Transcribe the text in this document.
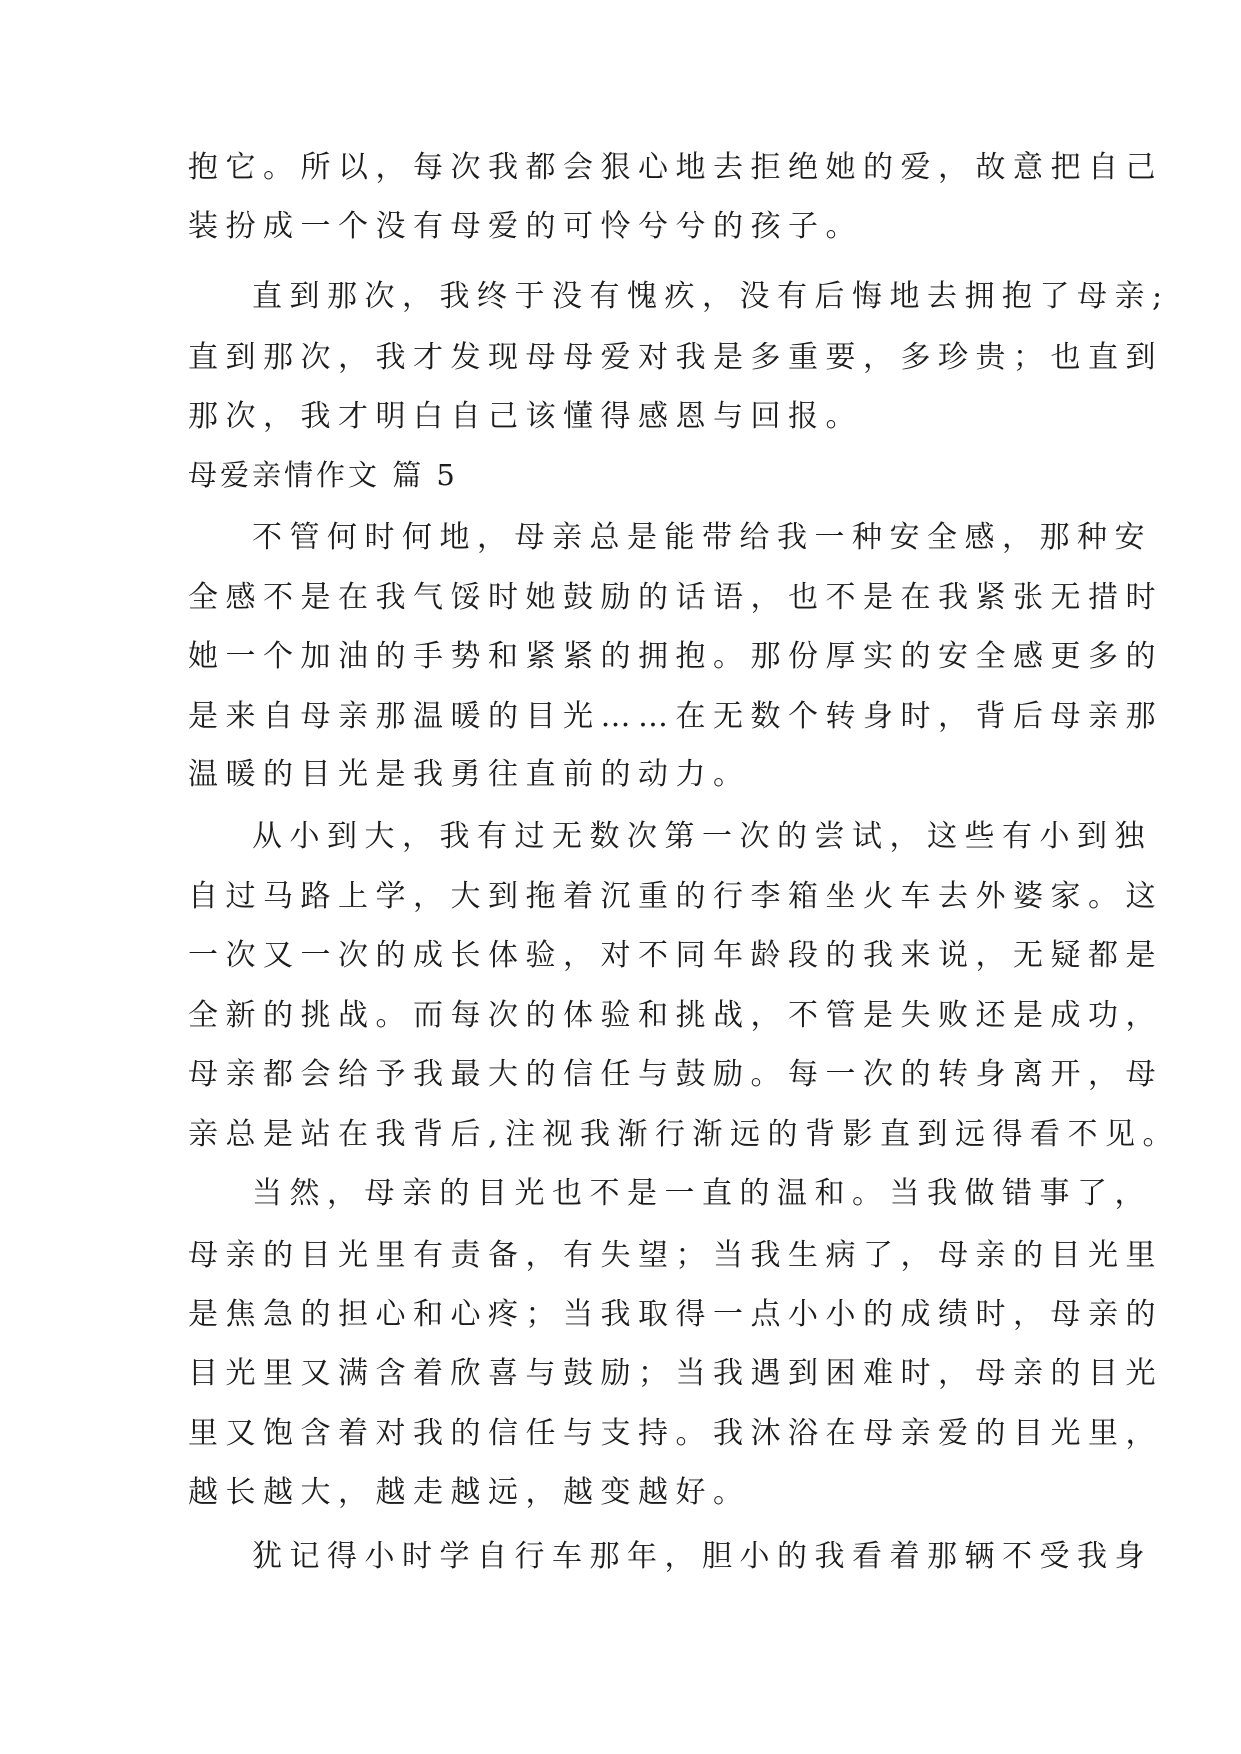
抱它。所以，每次我都会狠心地去拒绝她的爱，故意把自己
装扮成一个没有母爱的可怜兮兮的孩子。
直到那次，我终于没有愧疚，没有后悔地去拥抱了母亲;
直到那次，我才发现母母爱对我是多重要，多珍贵；也直到
那次，我才明白自己该懂得感恩与回报。
母爱亲情作文 篇 5
不管何时何地，母亲总是能带给我一种安全感，那种安
全感不是在我气馁时她鼓励的话语，也不是在我紧张无措时
她一个加油的手势和紧紧的拥抱。那份厚实的安全感更多的
是来自母亲那温暖的目光……在无数个转身时，背后母亲那
温暖的目光是我勇往直前的动力。
从小到大，我有过无数次第一次的尝试，这些有小到独
自过马路上学，大到拖着沉重的行李箱坐火车去外婆家。这
一次又一次的成长体验，对不同年龄段的我来说，无疑都是
全新的挑战。而每次的体验和挑战，不管是失败还是成功，
母亲都会给予我最大的信任与鼓励。每一次的转身离开，母
亲总是站在我背后,注视我渐行渐远的背影直到远得看不见。
当然，母亲的目光也不是一直的温和。当我做错事了，
母亲的目光里有责备，有失望；当我生病了，母亲的目光里
是焦急的担心和心疼；当我取得一点小小的成绩时，母亲的
目光里又满含着欣喜与鼓励；当我遇到困难时，母亲的目光
里又饱含着对我的信任与支持。我沐浴在母亲爱的目光里，
越长越大，越走越远，越变越好。
犹记得小时学自行车那年，胆小的我看着那辆不受我身
